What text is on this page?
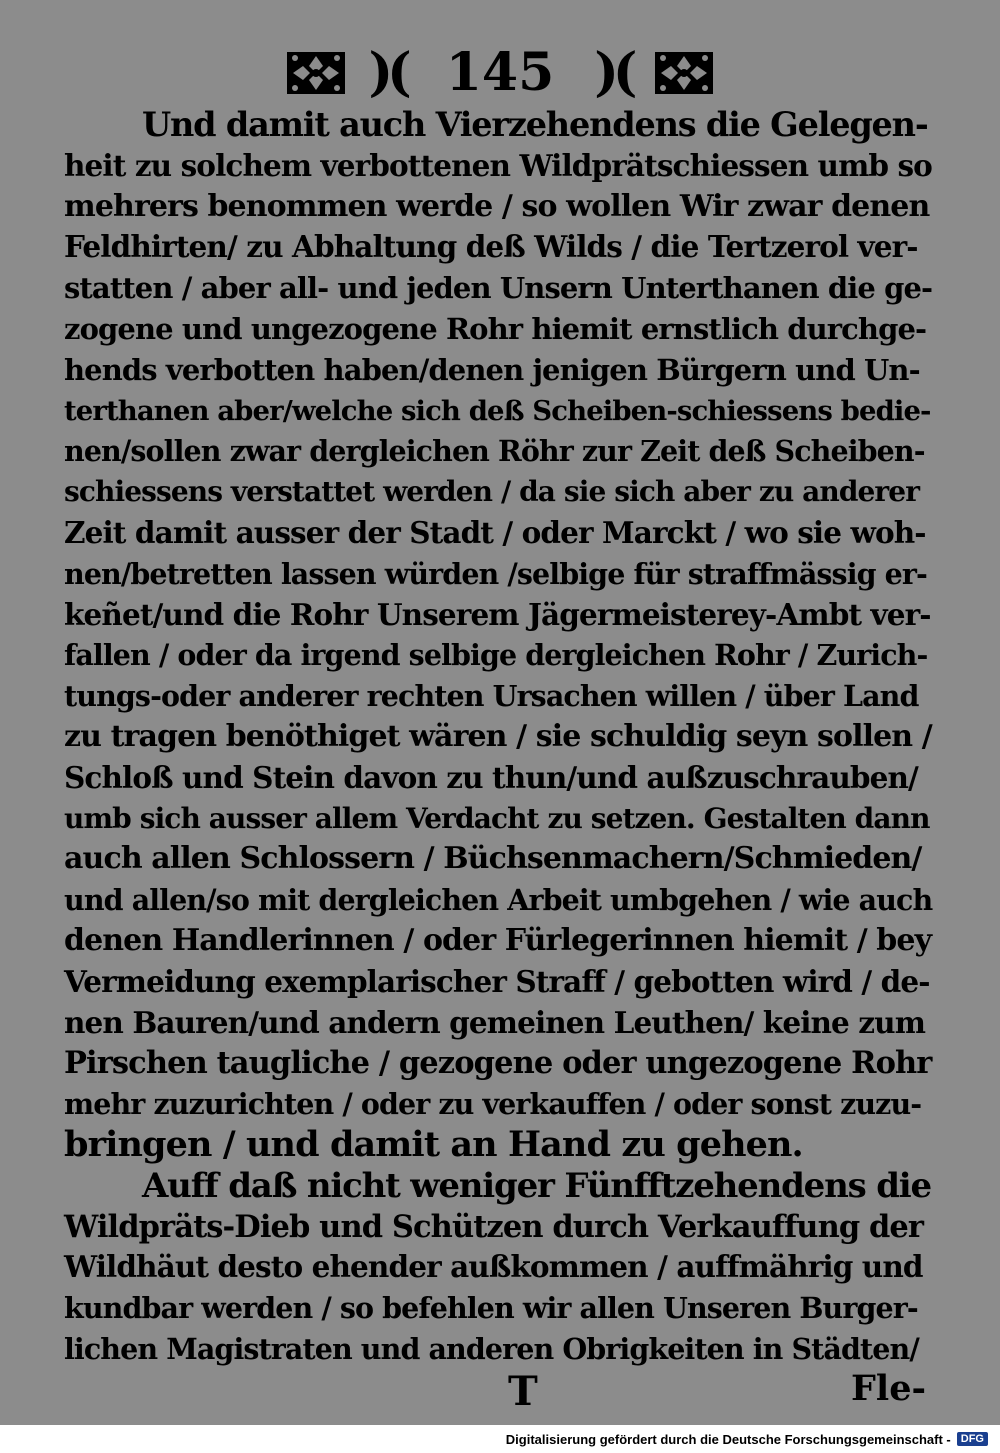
)( 145 )(
Und damit auch Vierzehendens die Gelegen-
heit zu solchem verbottenen Wildprätschiessen umb so
mehrers benommen werde / so wollen Wir zwar denen
Feldhirten/ zu Abhaltung deß Wilds / die Tertzerol ver-
statten / aber all- und jeden Unsern Unterthanen die ge-
zogene und ungezogene Rohr hiemit ernstlich durchge-
hends verbotten haben/denen jenigen Bürgern und Un-
terthanen aber/welche sich deß Scheiben-schiessens bedie-
nen/sollen zwar dergleichen Röhr zur Zeit deß Scheiben-
schiessens verstattet werden / da sie sich aber zu anderer
Zeit damit ausser der Stadt / oder Marckt / wo sie woh-
nen/betretten lassen würden /selbige für straffmässig er-
keñet/und die Rohr Unserem Jägermeisterey-Ambt ver-
fallen / oder da irgend selbige dergleichen Rohr / Zurich-
tungs-oder anderer rechten Ursachen willen / über Land
zu tragen benöthiget wären / sie schuldig seyn sollen /
Schloß und Stein davon zu thun/und außzuschrauben/
umb sich ausser allem Verdacht zu setzen. Gestalten dann
auch allen Schlossern / Büchsenmachern/Schmieden/
und allen/so mit dergleichen Arbeit umbgehen / wie auch
denen Handlerinnen / oder Fürlegerinnen hiemit / bey
Vermeidung exemplarischer Straff / gebotten wird / de-
nen Bauren/und andern gemeinen Leuthen/ keine zum
Pirschen taugliche / gezogene oder ungezogene Rohr
mehr zuzurichten / oder zu verkauffen / oder sonst zuzu-
bringen / und damit an Hand zu gehen.
Auff daß nicht weniger Fünfftzehendens die
Wildpräts-Dieb und Schützen durch Verkauffung der
Wildhäut desto ehender außkommen / auffmährig und
kundbar werden / so befehlen wir allen Unseren Burger-
lichen Magistraten und anderen Obrigkeiten in Städten/
T	Fle-
Digitalisierung gefördert durch die Deutsche Forschungsgemeinschaft - DFG
